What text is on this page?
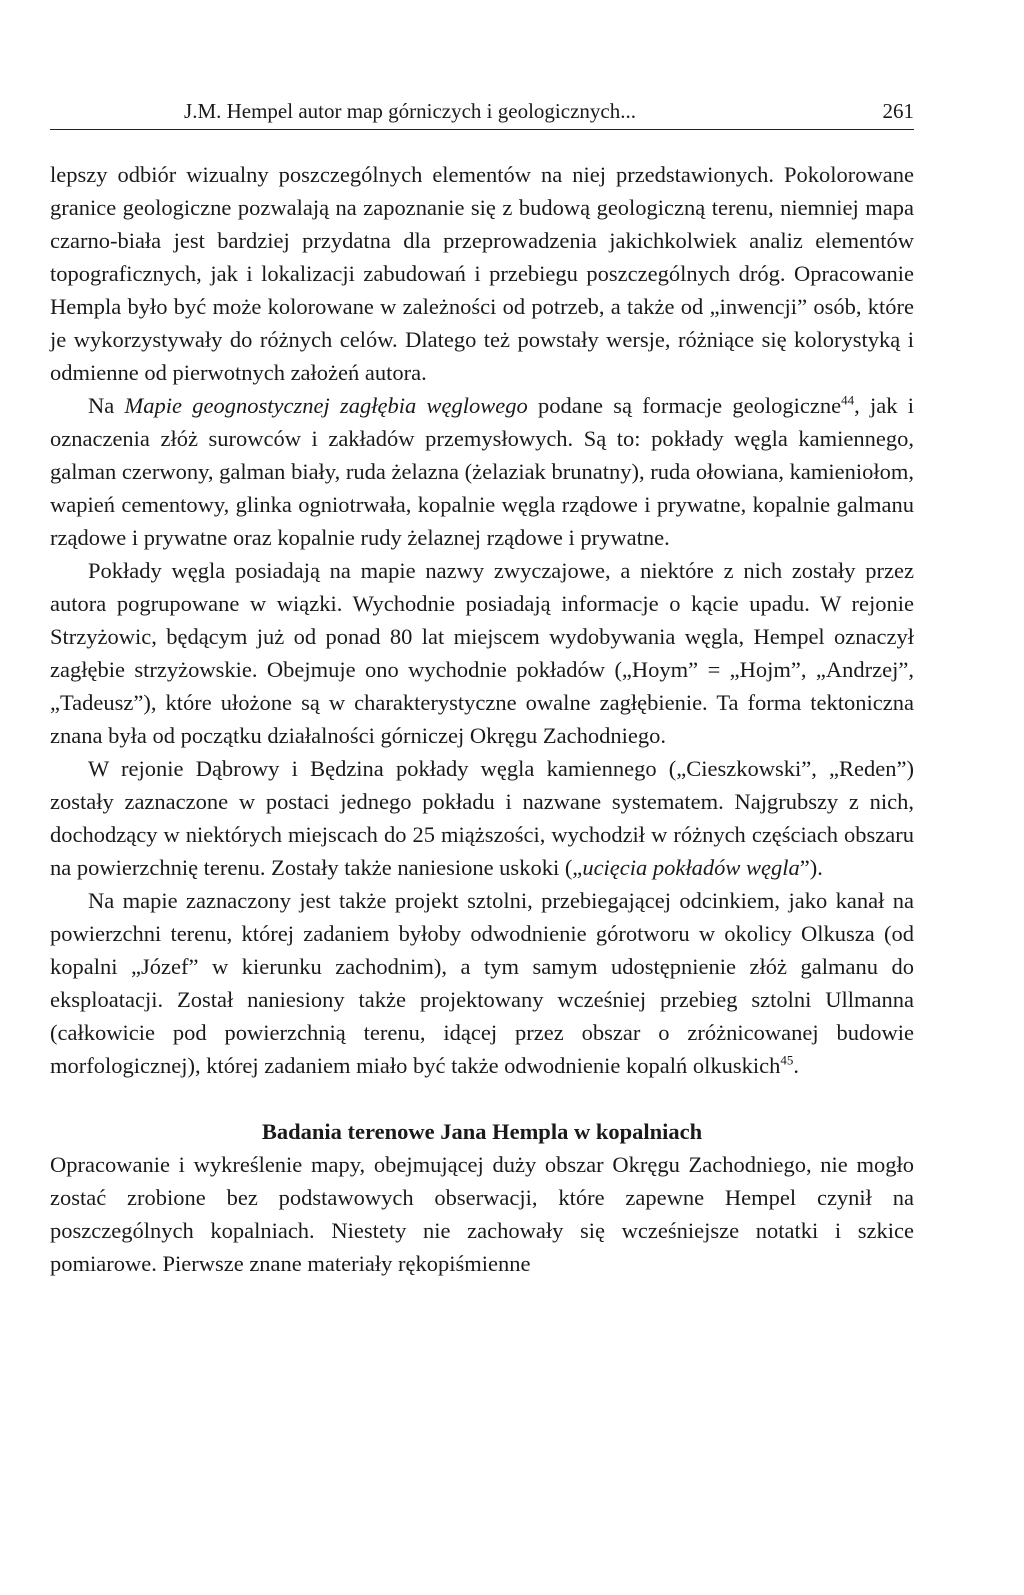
J.M. Hempel autor map górniczych i geologicznych...	261

lepszy odbiór wizualny poszczególnych elementów na niej przedstawionych. Pokolorowane granice geologiczne pozwalają na zapoznanie się z budową geologiczną terenu, niemniej mapa czarno-biała jest bardziej przydatna dla przeprowadzenia jakichkolwiek analiz elementów topograficznych, jak i lokalizacji zabudowań i przebiegu poszczególnych dróg. Opracowanie Hempla było być może kolorowane w zależności od potrzeb, a także od „inwencji” osób, które je wykorzystywały do różnych celów. Dlatego też powstały wersje, różniące się kolorystyką i odmienne od pierwotnych założeń autora.

Na Mapie geognostycznej zagłębia węglowego podane są formacje geologiczne$^{44}$, jak i oznaczenia złóż surowców i zakładów przemysłowych. Są to: pokłady węgla kamiennego, galman czerwony, galman biały, ruda żelazna (żelaziak brunatny), ruda ołowiana, kamieniołom, wapień cementowy, glinka ogniotrwała, kopalnie węgla rządowe i prywatne, kopalnie galmanu rządowe i prywatne oraz kopalnie rudy żelaznej rządowe i prywatne.

Pokłady węgla posiadają na mapie nazwy zwyczajowe, a niektóre z nich zostały przez autora pogrupowane w wiązki. Wychodnie posiadają informacje o kącie upadu. W rejonie Strzyżowic, będącym już od ponad 80 lat miejscem wydobywania węgla, Hempel oznaczył zagłębie strzyżowskie. Obejmuje ono wychodnie pokładów („Hoym” = „Hojm”, „Andrzej”, „Tadeusz”), które ułożone są w charakterystyczne owalne zagłębienie. Ta forma tektoniczna znana była od początku działalności górniczej Okręgu Zachodniego.

W rejonie Dąbrowy i Będzina pokłady węgla kamiennego („Cieszkowski”, „Reden”) zostały zaznaczone w postaci jednego pokładu i nazwane systematem. Najgrubszy z nich, dochodzący w niektórych miejscach do 25 miąższości, wychodził w różnych częściach obszaru na powierzchnię terenu. Zostały także naniesione uskoki („ucięcia pokładów węgla”).

Na mapie zaznaczony jest także projekt sztolni, przebiegającej odcinkiem, jako kanał na powierzchni terenu, której zadaniem byłoby odwodnienie górotworu w okolicy Olkusza (od kopalni „Józef” w kierunku zachodnim), a tym samym udostępnienie złóż galmanu do eksploatacji. Został naniesiony także projektowany wcześniej przebieg sztolni Ullmanna (całkowicie pod powierzchnią terenu, idącej przez obszar o zróżnicowanej budowie morfologicznej), której zadaniem miało być także odwodnienie kopalń olkuskich$^{45}$.

Badania terenowe Jana Hempla w kopalniach

Opracowanie i wykreślenie mapy, obejmującej duży obszar Okręgu Zachodniego, nie mogło zostać zrobione bez podstawowych obserwacji, które zapewne Hempel czynił na poszczególnych kopalniach. Niestety nie zachowały się wcześniejsze notatki i szkice pomiarowe. Pierwsze znane materiały rękopiśmienne
